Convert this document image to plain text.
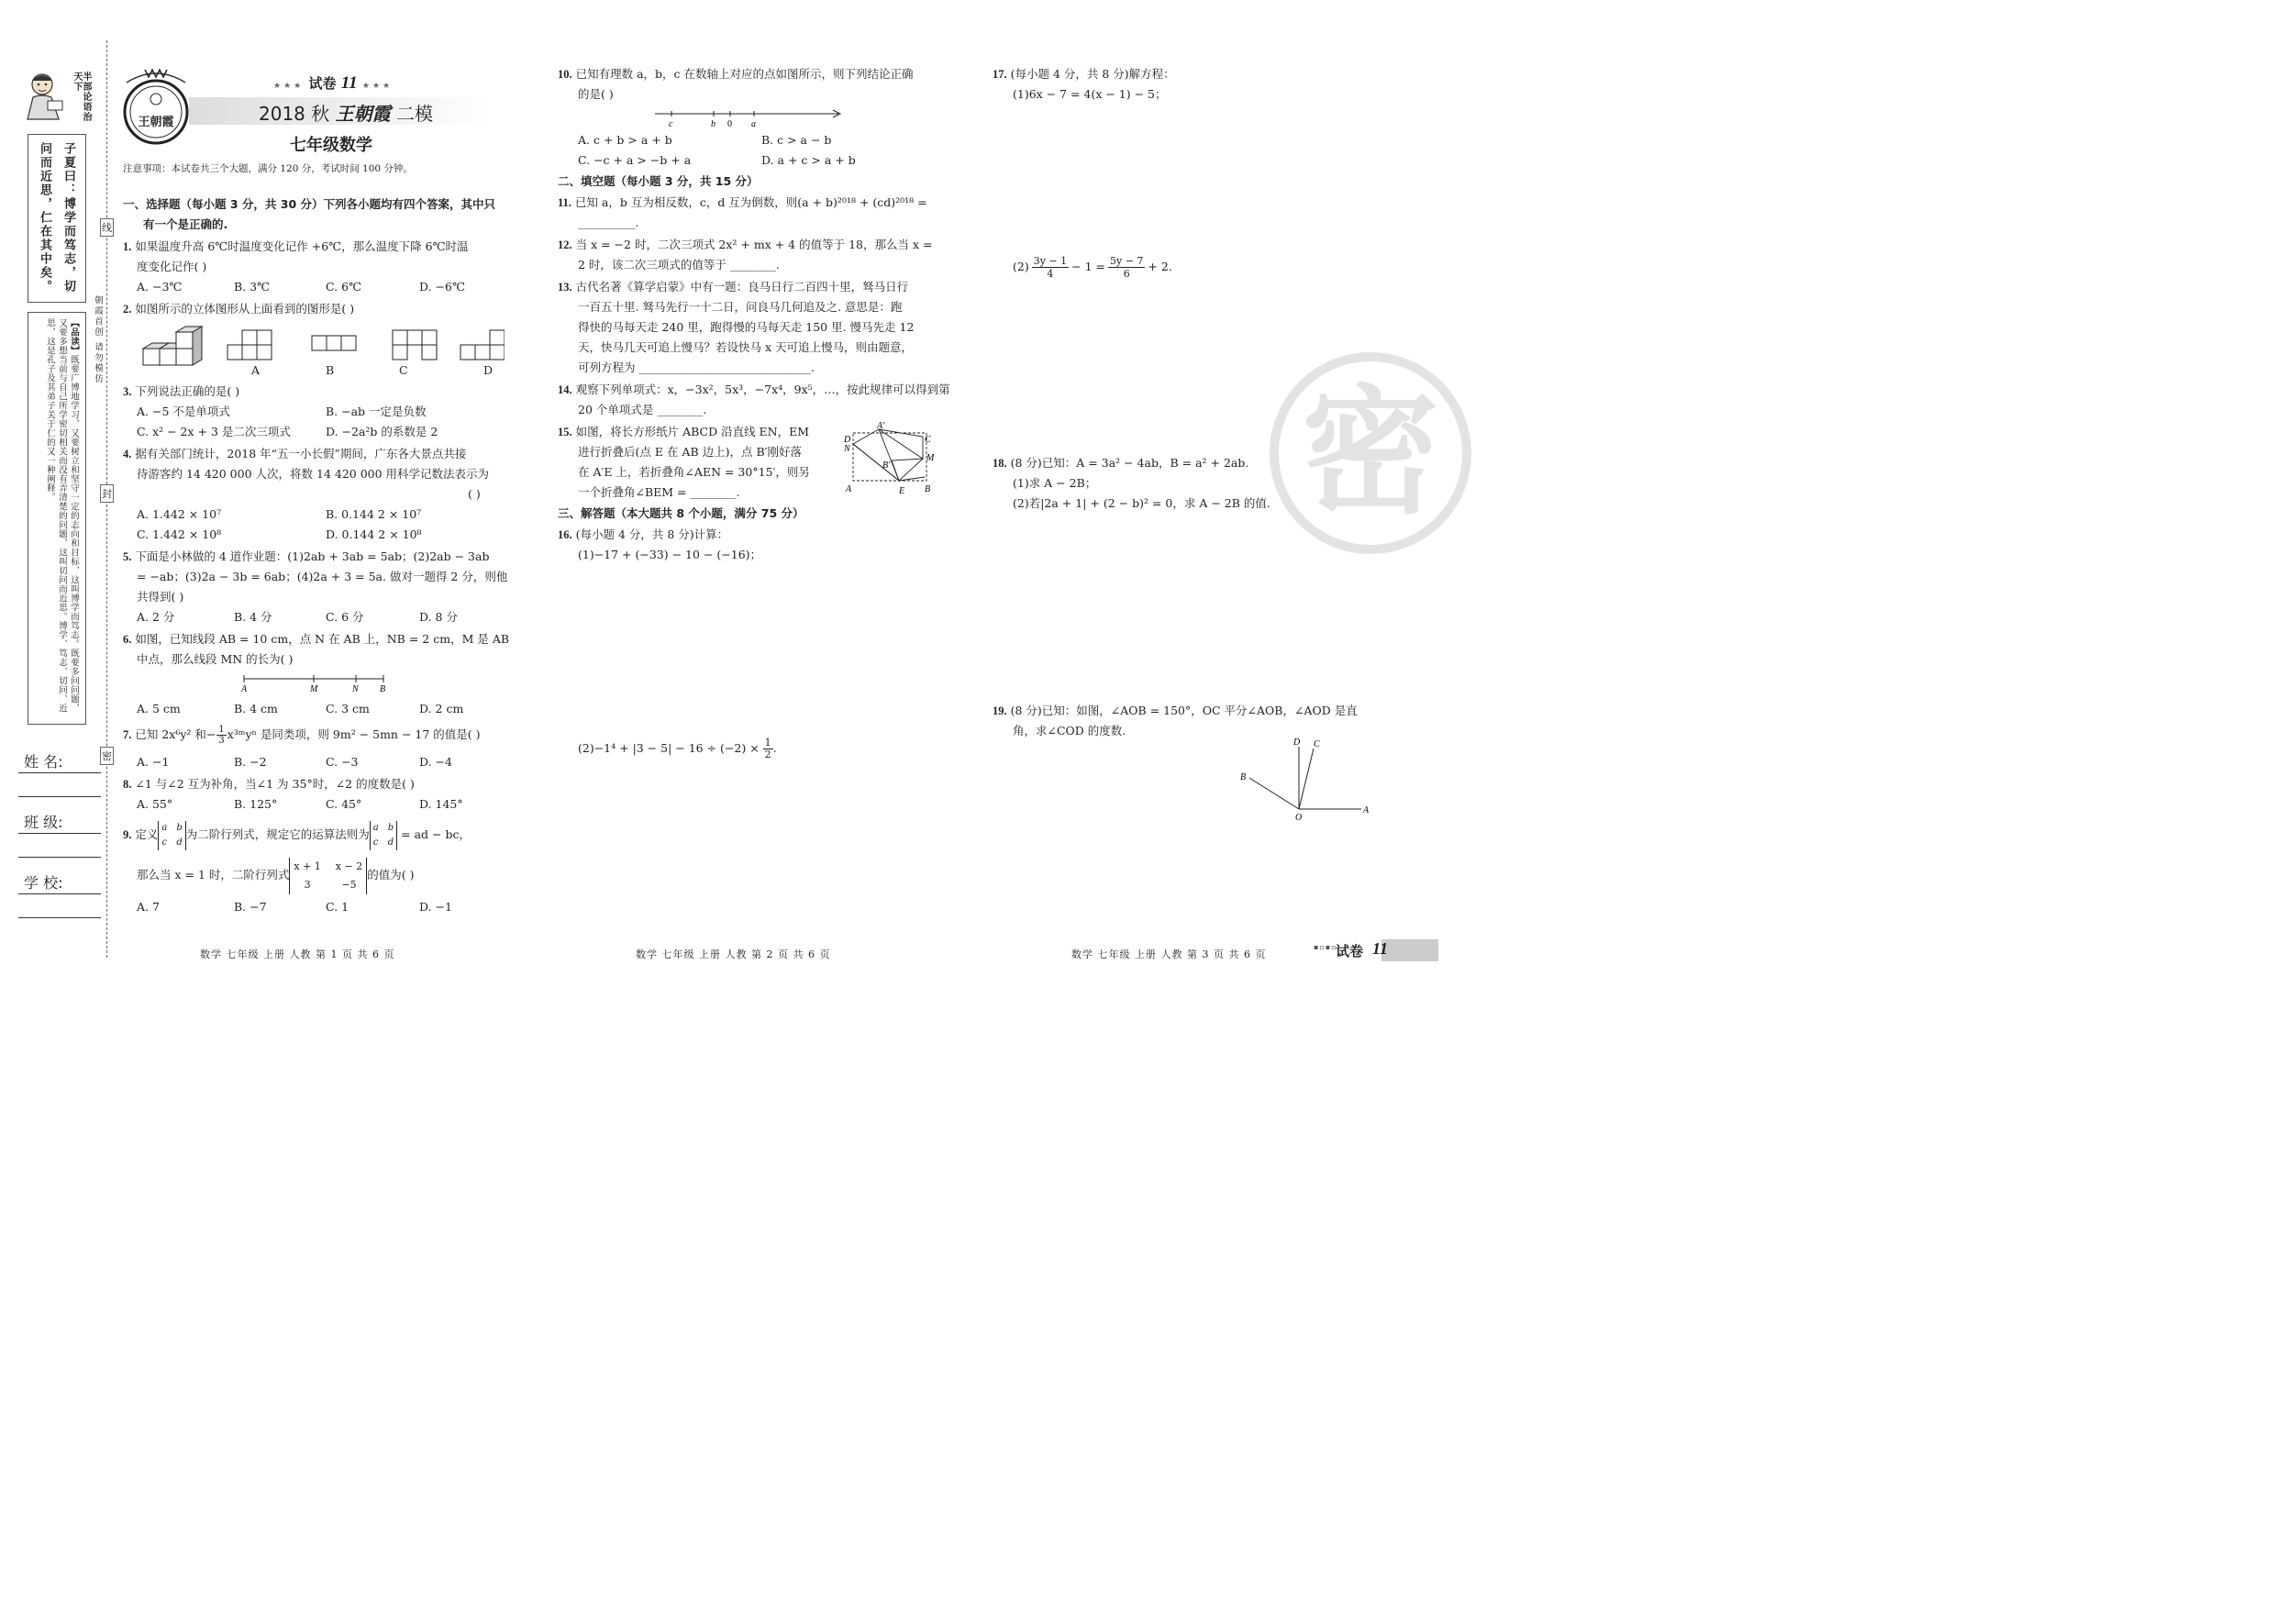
半部论语治天下
子夏曰：博学而笃志，切问而近思，仁在其中矣。
【品读】既要广博地学习，又要树立和坚守一定的志向和目标，这叫博学而笃志。既要多问问题，又要多想当前与自己所学密切相关而没有弄清楚的问题，这叫切问而近思。博学、笃志、切问、近思，这是孔子及其弟子关于仁的又一种阐释。
姓 名:
班 级:
学 校:
线
封
密
朝霞首创 请勿模仿
王朝霞
★★★ 试卷 11 ★★★
2018 秋 王朝霞 二模
七年级数学
注意事项：本试卷共三个大题，满分 120 分，考试时间 100 分钟。
一、选择题（每小题 3 分，共 30 分）下列各小题均有四个答案，其中只
有一个是正确的.
1. 如果温度升高 6℃时温度变化记作 +6℃，那么温度下降 6℃时温
度变化记作( )
A. −3℃	B. 3℃	C. 6℃	D. −6℃
2. 如图所示的立体图形从上面看到的图形是( )
A	B	C	D
3. 下列说法正确的是( )
A. −5 不是单项式	B. −ab 一定是负数
C. x² − 2x + 3 是二次三项式	D. −2a²b 的系数是 2
4. 据有关部门统计，2018 年“五一小长假”期间，广东各大景点共接
待游客约 14 420 000 人次，将数 14 420 000 用科学记数法表示为
( )
A. 1.442 × 10⁷	B. 0.144 2 × 10⁷
C. 1.442 × 10⁸	D. 0.144 2 × 10⁸
5. 下面是小林做的 4 道作业题：(1)2ab + 3ab = 5ab；(2)2ab − 3ab
= −ab；(3)2a − 3b = 6ab；(4)2a + 3 = 5a. 做对一题得 2 分，则他
共得到( )
A. 2 分	B. 4 分	C. 6 分	D. 8 分
6. 如图，已知线段 AB = 10 cm，点 N 在 AB 上，NB = 2 cm，M 是 AB
中点，那么线段 MN 的长为( )
A	M	N B
A. 5 cm	B. 4 cm	C. 3 cm	D. 2 cm
7. 已知 2x⁶y² 和− $\frac{1}{3}$ x³ᵐyⁿ 是同类项，则 9m² − 5mn − 17 的值是( )
A. −1	B. −2	C. −3	D. −4
8. ∠1 与∠2 互为补角，当∠1 为 35°时，∠2 的度数是( )
A. 55°	B. 125°	C. 45°	D. 145°
9. 定义 a b
c d
为二阶行列式，规定它的运算法则为 a b
c d
= ad − bc，
那么当 x = 1 时，二阶行列式
x + 1 x − 2
3	−5
的值为( )
A. 7	B. −7	C. 1	D. −1
数学 七年级 上册 人教 第 1 页 共 6 页
10. 已知有理数 a，b，c 在数轴上对应的点如图所示，则下列结论正确
的是( )
c	b 0 a
A. c + b > a + b	B. c > a − b
C. −c + a > −b + a	D. a + c > a + b
二、填空题（每小题 3 分，共 15 分）
11. 已知 a，b 互为相反数，c，d 互为倒数，则(a + b)²⁰¹⁸ + (cd)²⁰¹⁸ =
__________.
12. 当 x = −2 时，二次三项式 2x² + mx + 4 的值等于 18，那么当 x =
2 时，该二次三项式的值等于 ________.
13. 古代名著《算学启蒙》中有一题：良马日行二百四十里，驽马日行
一百五十里. 驽马先行一十二日，问良马几何追及之. 意思是：跑
得快的马每天走 240 里，跑得慢的马每天走 150 里. 慢马先走 12
天，快马几天可追上慢马？若设快马 x 天可追上慢马，则由题意，
可列方程为 ______________________________.
14. 观察下列单项式：x，−3x²，5x³，−7x⁴，9x⁵，…，按此规律可以得到第
20 个单项式是 ________.
15. 如图，将长方形纸片 ABCD 沿直线 EN，EM
进行折叠后(点 E 在 AB 边上)，点 B′刚好落
在 A′E 上，若折叠角∠AEN = 30°15′，则另
一个折叠角∠BEM = ________.
D
A′
C
N
M
B′
A	E B
三、解答题（本大题共 8 个小题，满分 75 分）
16. (每小题 4 分，共 8 分)计算：
(1)−17 + (−33) − 10 − (−16)；
$(2)-1^4 + |3 - 5| - 16 \div (-2) \times \frac{1}{2}$ .
数学 七年级 上册 人教 第 2 页 共 6 页
17. (每小题 4 分，共 8 分)解方程：
(1)6x − 7 = 4(x − 1) − 5；
$(2) \frac{3y - 1}{4} - 1 = \frac{5y - 7}{6} + 2$.
18. (8 分)已知：A = 3a² − 4ab，B = a² + 2ab.
(1)求 A − 2B；
(2)若|2a + 1| + (2 − b)² = 0，求 A − 2B 的值.
19. (8 分)已知：如图，∠AOB = 150°，OC 平分∠AOB，∠AOD 是直
角，求∠COD 的度数.
D C
B
O
A
密
数学 七年级 上册 人教 第 3 页 共 6 页
▪▫▪▫
试卷 11
